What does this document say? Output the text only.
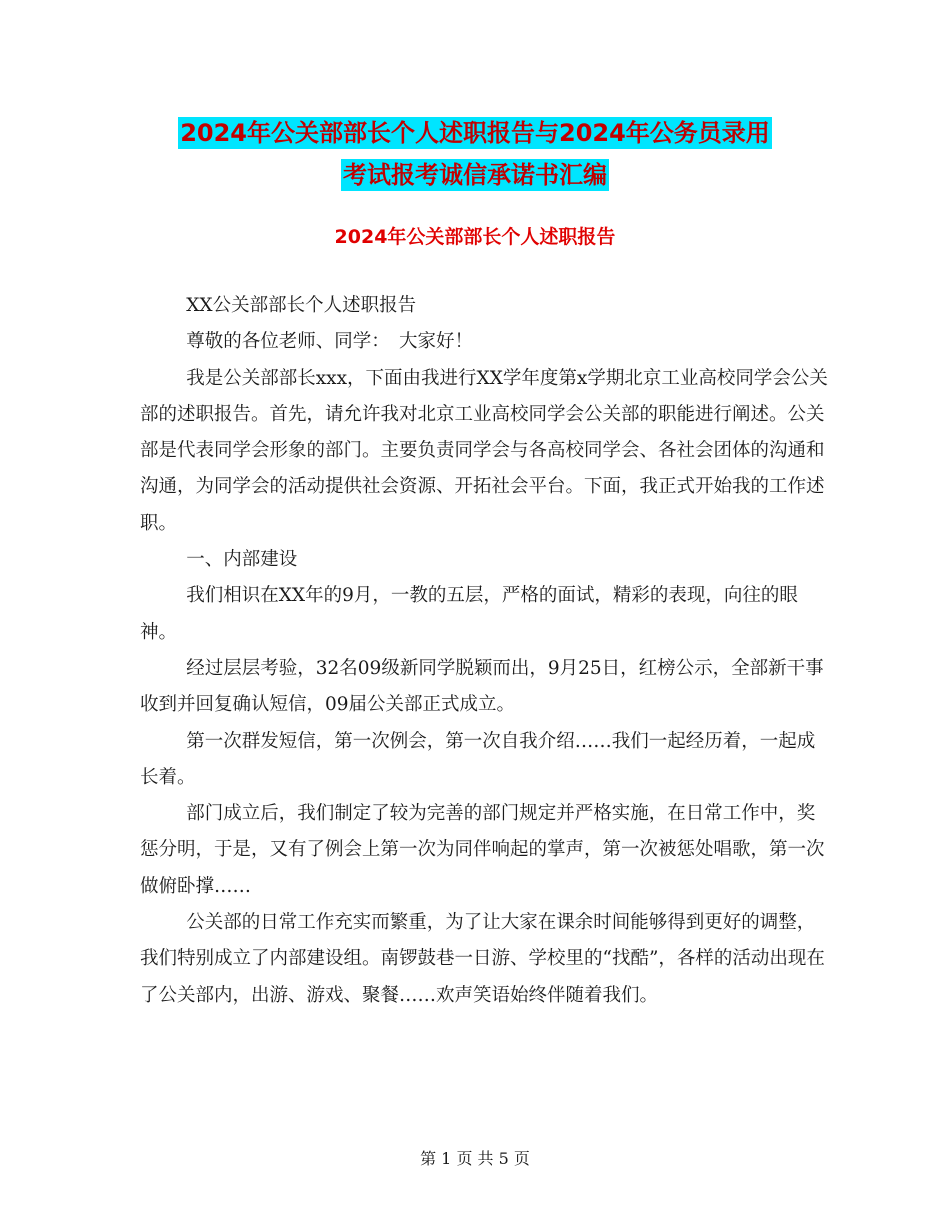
2024年公关部部长个人述职报告与2024年公务员录用
考试报考诚信承诺书汇编
2024年公关部部长个人述职报告

XX公关部部长个人述职报告

尊敬的各位老师、同学：　大家好！

我是公关部部长xxx，下面由我进行XX学年度第x学期北京工业高校同学会公关部的述职报告。首先，请允许我对北京工业高校同学会公关部的职能进行阐述。公关部是代表同学会形象的部门。主要负责同学会与各高校同学会、各社会团体的沟通和沟通，为同学会的活动提供社会资源、开拓社会平台。下面，我正式开始我的工作述职。

一、内部建设

我们相识在XX年的9月，一教的五层，严格的面试，精彩的表现，向往的眼神。

经过层层考验，32名09级新同学脱颖而出，9月25日，红榜公示，全部新干事收到并回复确认短信，09届公关部正式成立。

第一次群发短信，第一次例会，第一次自我介绍……我们一起经历着，一起成长着。

部门成立后，我们制定了较为完善的部门规定并严格实施，在日常工作中，奖惩分明，于是，又有了例会上第一次为同伴响起的掌声，第一次被惩处唱歌，第一次做俯卧撑……

公关部的日常工作充实而繁重，为了让大家在课余时间能够得到更好的调整，我们特别成立了内部建设组。南锣鼓巷一日游、学校里的“找酷”，各样的活动出现在了公关部内，出游、游戏、聚餐……欢声笑语始终伴随着我们。

第 1 页 共 5 页
